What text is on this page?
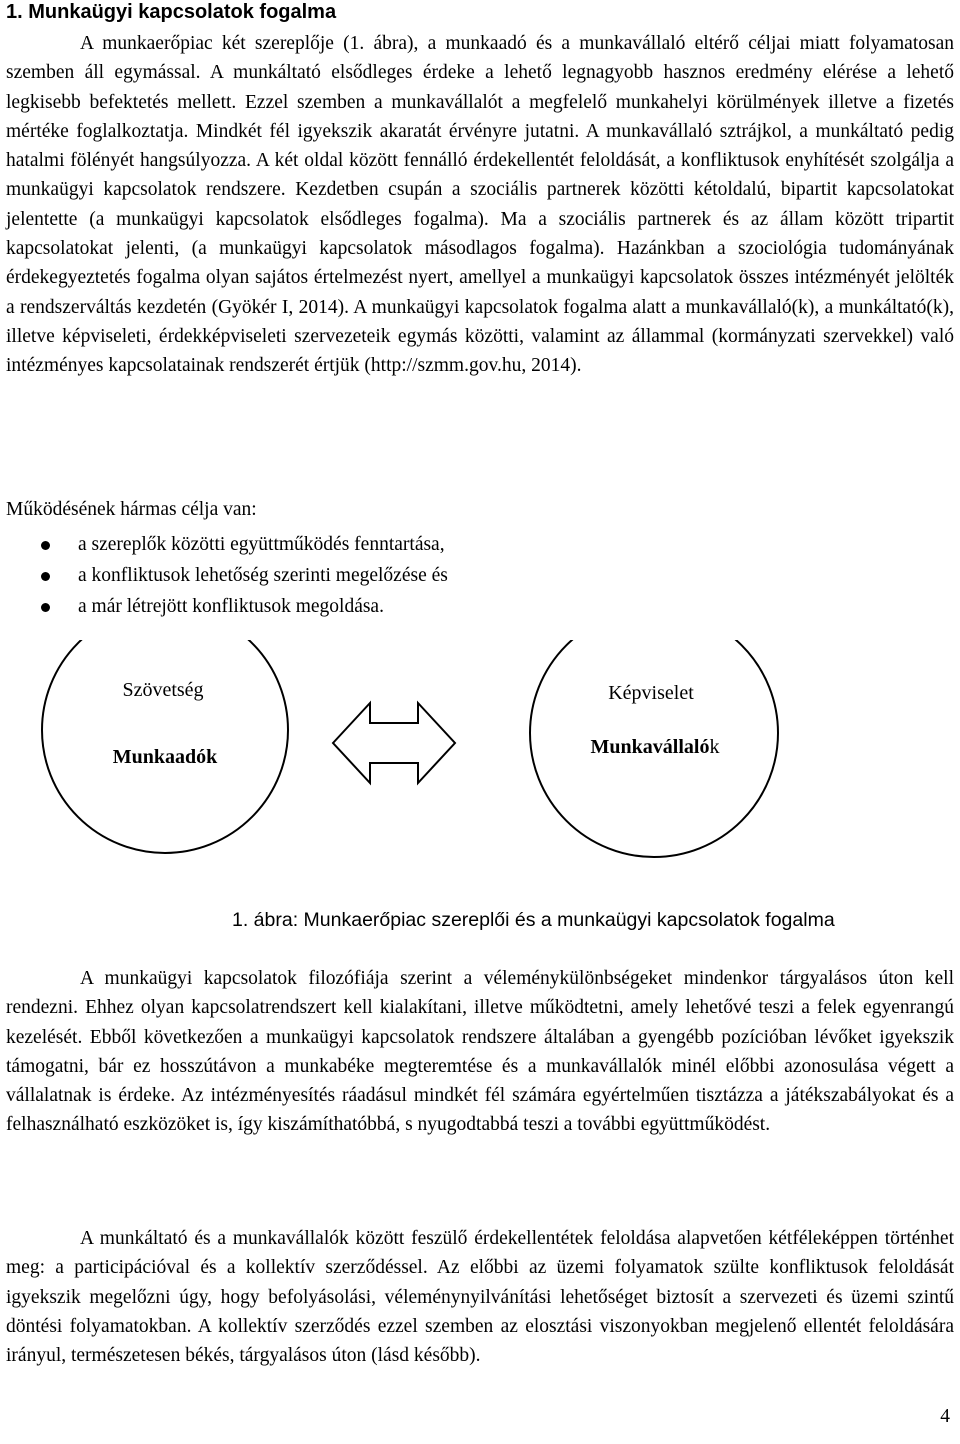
1. Munkaügyi kapcsolatok fogalma

A munkaerőpiac két szereplője (1. ábra), a munkaadó és a munkavállaló eltérő céljai miatt folyamatosan szemben áll egymással. A munkáltató elsődleges érdeke a lehető legnagyobb hasznos eredmény elérése a lehető legkisebb befektetés mellett. Ezzel szemben a munkavállalót a megfelelő munkahelyi körülmények illetve a fizetés mértéke foglalkoztatja. Mindkét fél igyekszik akaratát érvényre jutatni. A munkavállaló sztrájkol, a munkáltató pedig hatalmi fölényét hangsúlyozza. A két oldal között fennálló érdekellentét feloldását, a konfliktusok enyhítését szolgálja a munkaügyi kapcsolatok rendszere. Kezdetben csupán a szociális partnerek közötti kétoldalú, bipartit kapcsolatokat jelentette (a munkaügyi kapcsolatok elsődleges fogalma). Ma a szociális partnerek és az állam között tripartit kapcsolatokat jelenti, (a munkaügyi kapcsolatok másodlagos fogalma). Hazánkban a szociológia tudományának érdekegyeztetés fogalma olyan sajátos értelmezést nyert, amellyel a munkaügyi kapcsolatok összes intézményét jelölték a rendszerváltás kezdetén (Gyökér I, 2014). A munkaügyi kapcsolatok fogalma alatt a munkavállaló(k), a munkáltató(k), illetve képviseleti, érdekképviseleti szervezeteik egymás közötti, valamint az állammal (kormányzati szervekkel) való intézményes kapcsolatainak rendszerét értjük (http://szmm.gov.hu, 2014).

Működésének hármas célja van:

a szereplők közötti együttműködés fenntartása,
a konfliktusok lehetőség szerinti megelőzése és
a már létrejött konfliktusok megoldása.
Szövetség
Munkaadók
Képviselet
Munkavállalók

1. ábra: Munkaerőpiac szereplői és a munkaügyi kapcsolatok fogalma

A munkaügyi kapcsolatok filozófiája szerint a véleménykülönbségeket mindenkor tárgyalásos úton kell rendezni. Ehhez olyan kapcsolatrendszert kell kialakítani, illetve működtetni, amely lehetővé teszi a felek egyenrangú kezelését. Ebből következően a munkaügyi kapcsolatok rendszere általában a gyengébb pozícióban lévőket igyekszik támogatni, bár ez hosszútávon a munkabéke megteremtése és a munkavállalók minél előbbi azonosulása végett a vállalatnak is érdeke. Az intézményesítés ráadásul mindkét fél számára egyértelműen tisztázza a játékszabályokat és a felhasználható eszközöket is, így kiszámíthatóbbá, s nyugodtabbá teszi a további együttműködést.

A munkáltató és a munkavállalók között feszülő érdekellentétek feloldása alapvetően kétféleképpen történhet meg: a participációval és a kollektív szerződéssel. Az előbbi az üzemi folyamatok szülte konfliktusok feloldását igyekszik megelőzni úgy, hogy befolyásolási, véleménynyilvánítási lehetőséget biztosít a szervezeti és üzemi szintű döntési folyamatokban. A kollektív szerződés ezzel szemben az elosztási viszonyokban megjelenő ellentét feloldására irányul, természetesen békés, tárgyalásos úton (lásd később).

4
